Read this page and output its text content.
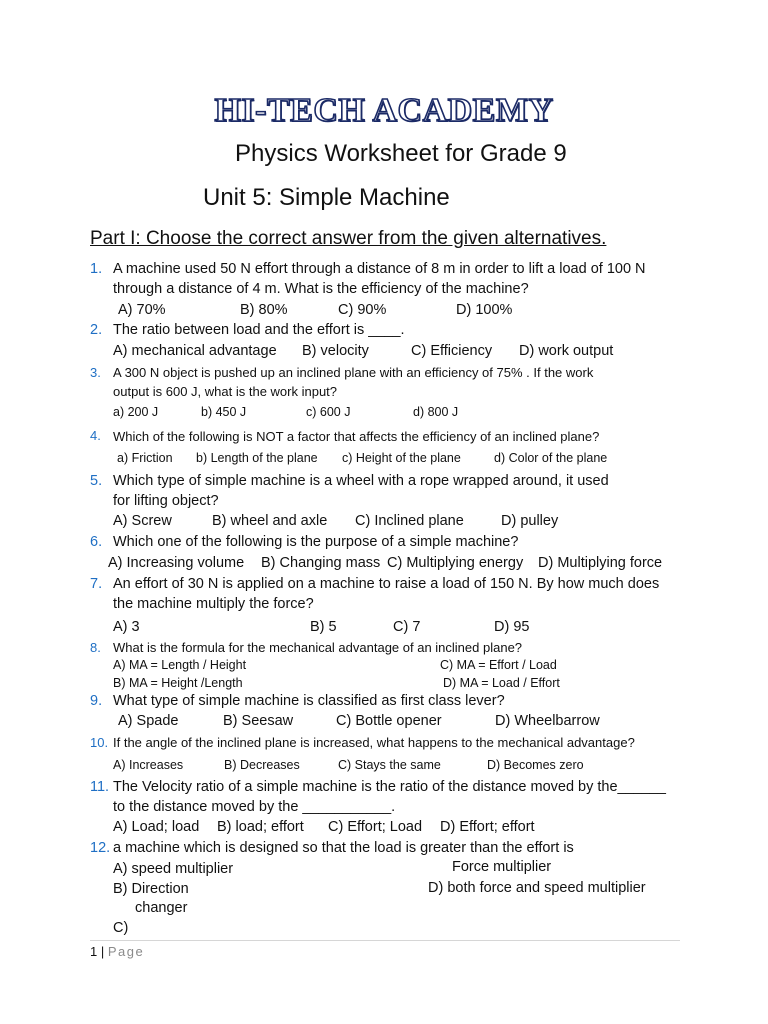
HI-TECH ACADEMY
Physics Worksheet for Grade 9
Unit 5: Simple Machine
Part I: Choose the correct answer from the given alternatives.
1. A machine used 50 N effort through a distance of 8 m in order to lift a load of 100 N
through a distance of 4 m. What is the efficiency of the machine?
A) 70%	B) 80%	C) 90%	D) 100%
2. The ratio between load and the effort is ____.
A) mechanical advantage B) velocity	C) Efficiency D) work output
3. A 300 N object is pushed up an inclined plane with an efficiency of 75% . If the work
output is 600 J, what is the work input?
a) 200 J	b) 450 J	c) 600 J	d) 800 J
4. Which of the following is NOT a factor that affects the efficiency of an inclined plane?
a) Friction b) Length of the plane c) Height of the plane	d) Color of the plane
5. Which type of simple machine is a wheel with a rope wrapped around, it used
for lifting object?
A) Screw	B) wheel and axle C) Inclined plane	D) pulley
6. Which one of the following is the purpose of a simple machine?
A) Increasing volume B) Changing mass C) Multiplying energy D) Multiplying force
7. An effort of 30 N is applied on a machine to raise a load of 150 N. By how much does
the machine multiply the force?
A) 3	B) 5	C) 7	D) 95
8. What is the formula for the mechanical advantage of an inclined plane?
A) MA = Length / Height	C) MA = Effort / Load
B) MA = Height /Length	D) MA = Load / Effort
9. What type of simple machine is classified as first class lever?
A) Spade	B) Seesaw	C) Bottle opener	D) Wheelbarrow
10. If the angle of the inclined plane is increased, what happens to the mechanical advantage?
A) Increases	B) Decreases	C) Stays the same	D) Becomes zero
11. The Velocity ratio of a simple machine is the ratio of the distance moved by the______
to the distance moved by the ___________.
A) Load; load B) load; effort C) Effort; Load D) Effort; effort
12. a machine which is designed so that the load is greater than the effort is
A) speed multiplier	Force multiplier
B) Direction	D) both force and speed multiplier
changer
C)
1 | Page
